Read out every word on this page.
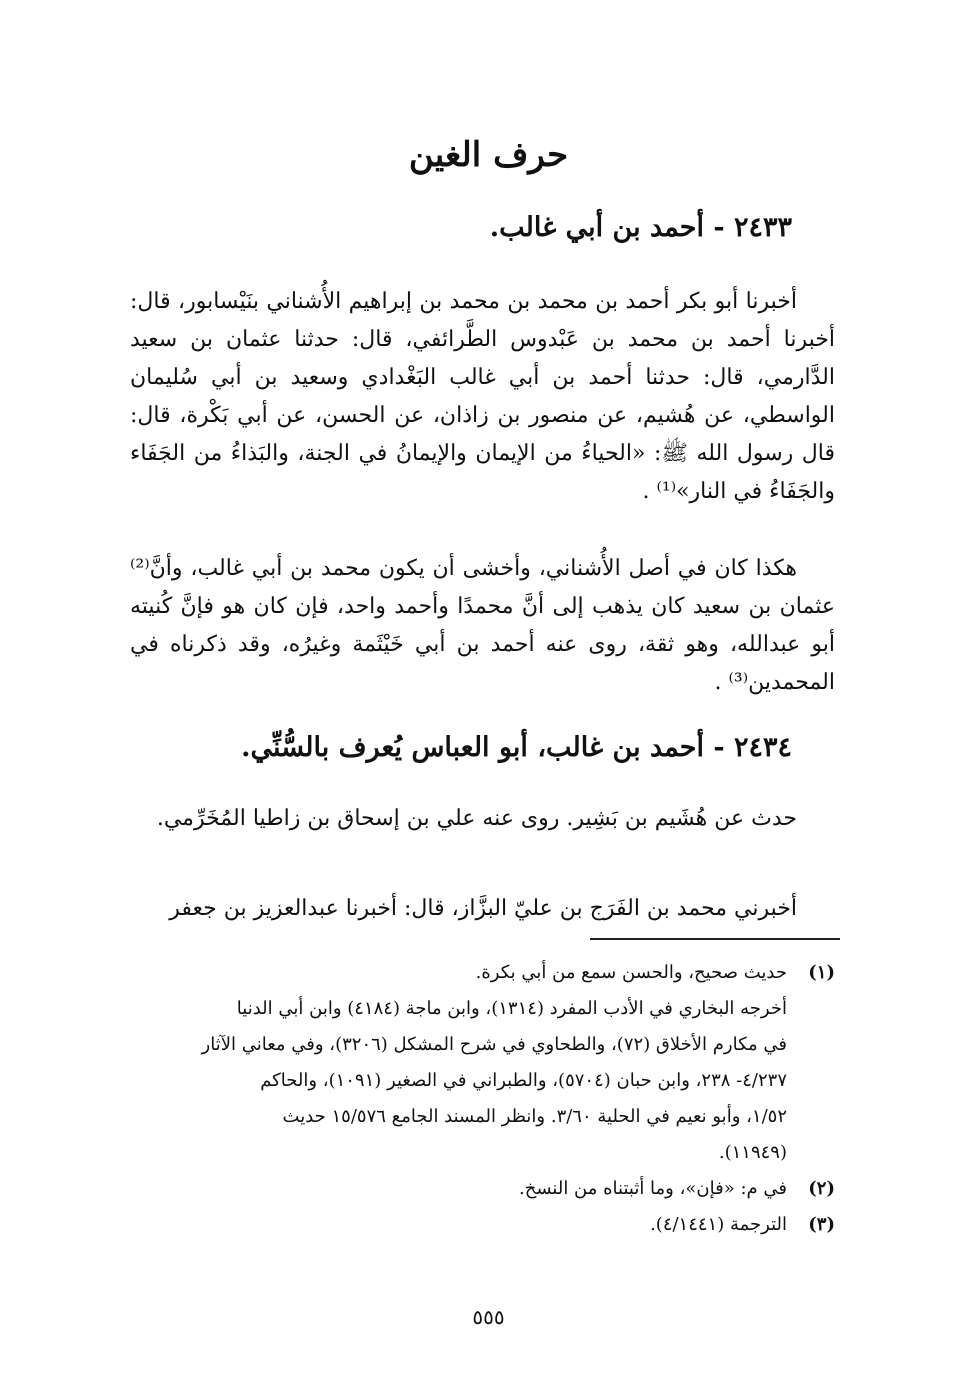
حرف الغين
٢٤٣٣ - أحمد بن أبي غالب.
أخبرنا أبو بكر أحمد بن محمد بن محمد بن إبراهيم الأُشناني بنَيْسابور، قال: أخبرنا أحمد بن محمد بن عَبْدوس الطَّرائفي، قال: حدثنا عثمان بن سعيد الدَّارمي، قال: حدثنا أحمد بن أبي غالب البَغْدادي وسعيد بن أبي سُليمان الواسطي، عن هُشيم، عن منصور بن زاذان، عن الحسن، عن أبي بَكْرة، قال: قال رسول الله ﷺ: «الحياءُ من الإيمان والإيمانُ في الجنة، والبَذاءُ من الجَفَاء والجَفَاءُ في النار»⁽¹⁾ .
هكذا كان في أصل الأُشناني، وأخشى أن يكون محمد بن أبي غالب، وأنَّ⁽²⁾ عثمان بن سعيد كان يذهب إلى أنَّ محمدًا وأحمد واحد، فإن كان هو فإنَّ كُنيته أبو عبدالله، وهو ثقة، روى عنه أحمد بن أبي خَيْثَمة وغيرُه، وقد ذكرناه في المحمدين⁽³⁾ .
٢٤٣٤ - أحمد بن غالب، أبو العباس يُعرف بالسُّنِّي.
حدث عن هُشَيم بن بَشِير. روى عنه علي بن إسحاق بن زاطيا المُخَرِّمي.
أخبرني محمد بن الفَرَج بن عليّ البزَّاز، قال: أخبرنا عبدالعزيز بن جعفر
(١)
حديث صحيح، والحسن سمع من أبي بكرة.
أخرجه البخاري في الأدب المفرد (١٣١٤)، وابن ماجة (٤١٨٤) وابن أبي الدنيا
في مكارم الأخلاق (٧٢)، والطحاوي في شرح المشكل (٣٢٠٦)، وفي معاني الآثار
٤/٢٣٧- ٢٣٨، وابن حبان (٥٧٠٤)، والطبراني في الصغير (١٠٩١)، والحاكم
١/٥٢، وأبو نعيم في الحلية ٣/٦٠. وانظر المسند الجامع ١٥/٥٧٦ حديث
(١١٩٤٩).
(٢)
في م: «فإن»، وما أثبتناه من النسخ.
(٣)
الترجمة (٤/١٤٤١).
٥٥٥
